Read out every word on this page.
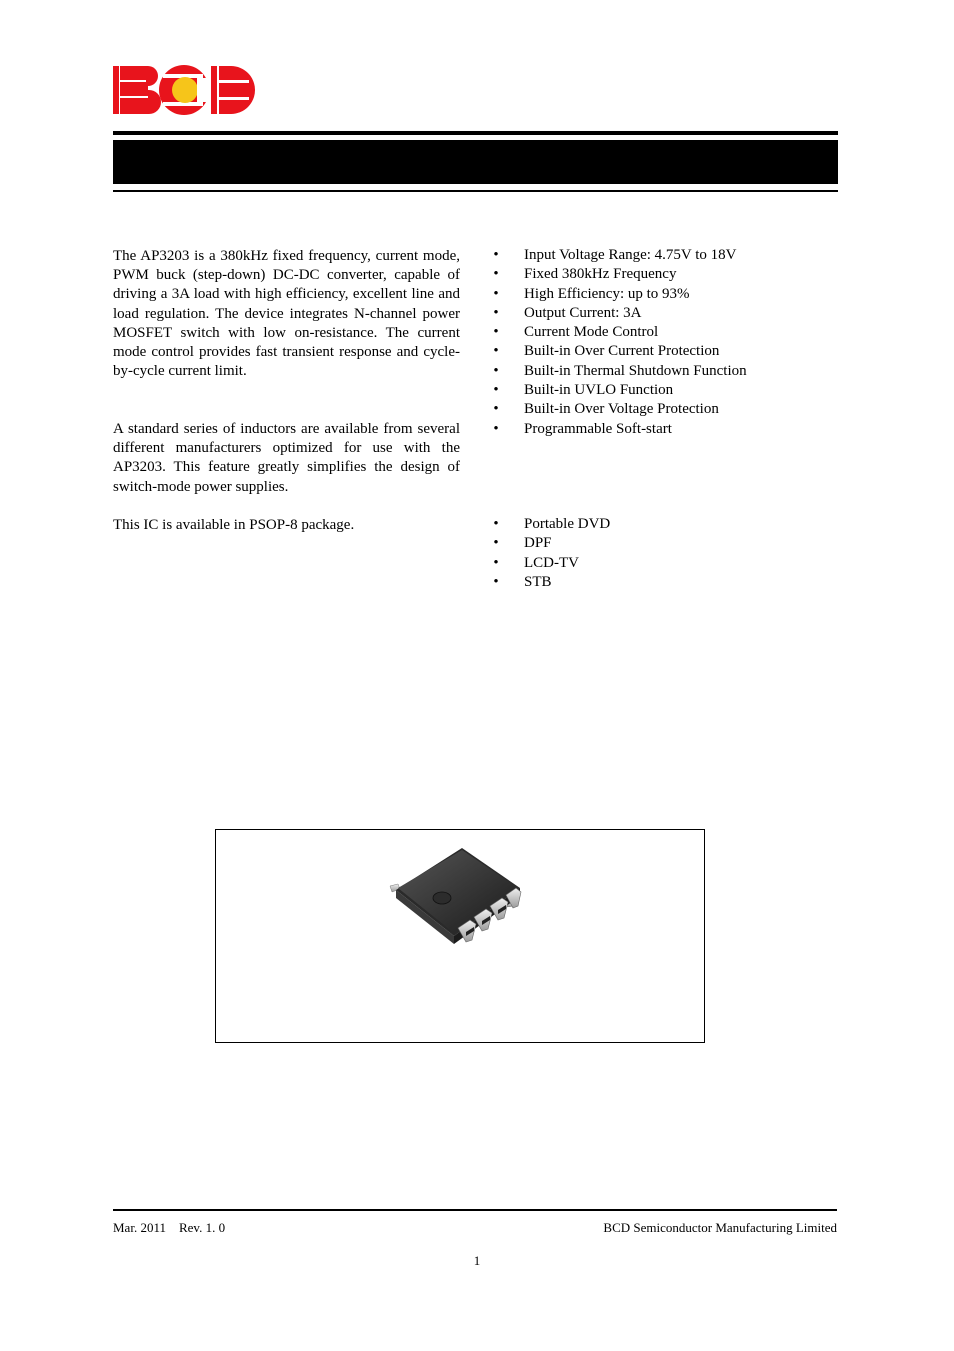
BCD

The AP3203 is a 380kHz fixed frequency, current mode, PWM buck (step-down) DC-DC converter, capable of driving a 3A load with high efficiency, excellent line and load regulation. The device integrates N-channel power MOSFET switch with low on-resistance. The current mode control provides fast transient response and cycle-by-cycle current limit.

A standard series of inductors are available from several different manufacturers optimized for use with the AP3203. This feature greatly simplifies the design of switch-mode power supplies.

This IC is available in PSOP-8 package.

• Input Voltage Range: 4.75V to 18V
• Fixed 380kHz Frequency
• High Efficiency: up to 93%
• Output Current: 3A
• Current Mode Control
• Built-in Over Current Protection
• Built-in Thermal Shutdown Function
• Built-in UVLO Function
• Built-in Over Voltage Protection
• Programmable Soft-start
• Portable DVD
• DPF
• LCD-TV
• STB
Mar. 2011 Rev. 1. 0	BCD Semiconductor Manufacturing Limited
1
